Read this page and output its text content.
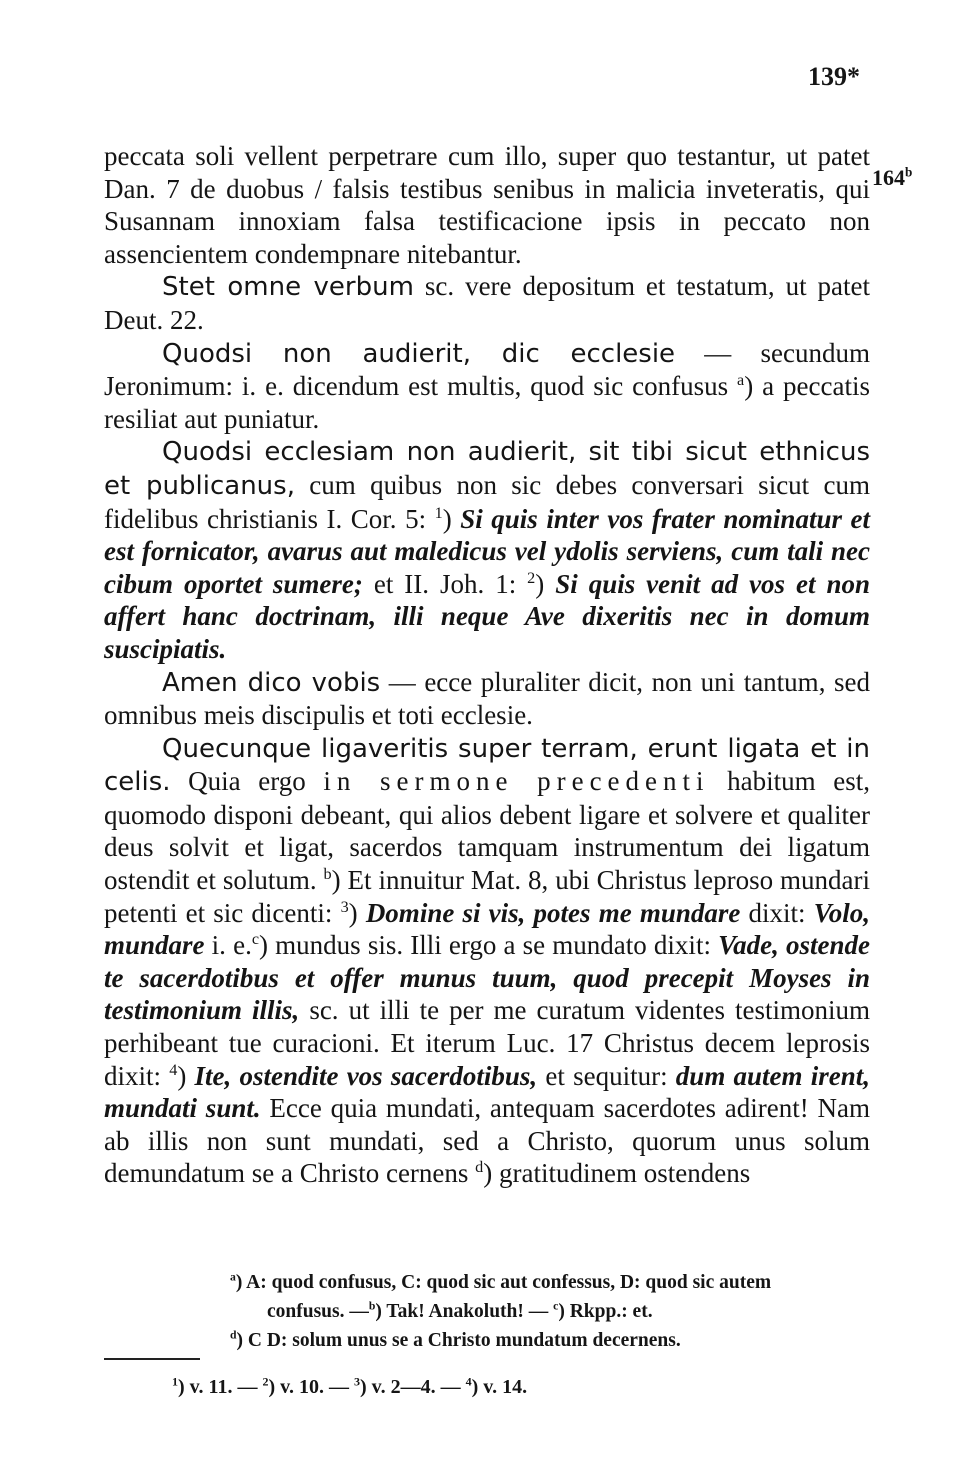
139*
164$^b$

peccata soli vellent perpetrare cum illo, super quo testantur, ut patet Dan. 7 de duobus / falsis testibus senibus in malicia inveteratis, qui Susannam innoxiam falsa testificacione ipsis in peccato non assencientem condempnare nitebantur.

Stet omne verbum sc. vere depositum et testatum, ut patet Deut. 22.

Quodsi non audierit, dic ecclesie — secundum Jeronimum: i. e. dicendum est multis, quod sic confusus $^a$) a peccatis resiliat aut puniatur.

Quodsi ecclesiam non audierit, sit tibi sicut ethnicus et publicanus, cum quibus non sic debes conversari sicut cum fidelibus christianis I. Cor. 5: $^1$) Si quis inter vos frater nominatur et est fornicator, avarus aut maledicus vel ydolis serviens, cum tali nec cibum oportet sumere; et II. Joh. 1: $^2$) Si quis venit ad vos et non affert hanc doctrinam, illi neque Ave dixeritis nec in domum suscipiatis.

Amen dico vobis — ecce pluraliter dicit, non uni tantum, sed omnibus meis discipulis et toti ecclesie.

Quecunque ligaveritis super terram, erunt ligata et in celis. Quia ergo in sermone precedenti habitum est, quomodo disponi debeant, qui alios debent ligare et solvere et qualiter deus solvit et ligat, sacerdos tamquam instrumentum dei ligatum ostendit et solutum. $^b$) Et innuitur Mat. 8, ubi Christus leproso mundari petenti et sic dicenti: $^3$) Domine si vis, potes me mundare dixit: Volo, mundare i. e.$^c$) mundus sis. Illi ergo a se mundato dixit: Vade, ostende te sacerdotibus et offer munus tuum, quod precepit Moyses in testimonium illis, sc. ut illi te per me curatum videntes testimonium perhibeant tue curacioni. Et iterum Luc. 17 Christus decem leprosis dixit: $^4$) Ite, ostendite vos sacerdotibus, et sequitur: dum autem irent, mundati sunt. Ecce quia mundati, antequam sacerdotes adirent! Nam ab illis non sunt mundati, sed a Christo, quorum unus solum demundatum se a Christo cernens $^d$) gratitudinem ostendens

$^a$) A: quod confusus, C: quod sic aut confessus, D: quod sic autem

confusus. —$^b$) Tak! Anakoluth! — $^c$) Rkpp.: et.

$^d$) C D: solum unus se a Christo mundatum decernens.

$^1$) v. 11. — $^2$) v. 10. — $^3$) v. 2—4. — $^4$) v. 14.
